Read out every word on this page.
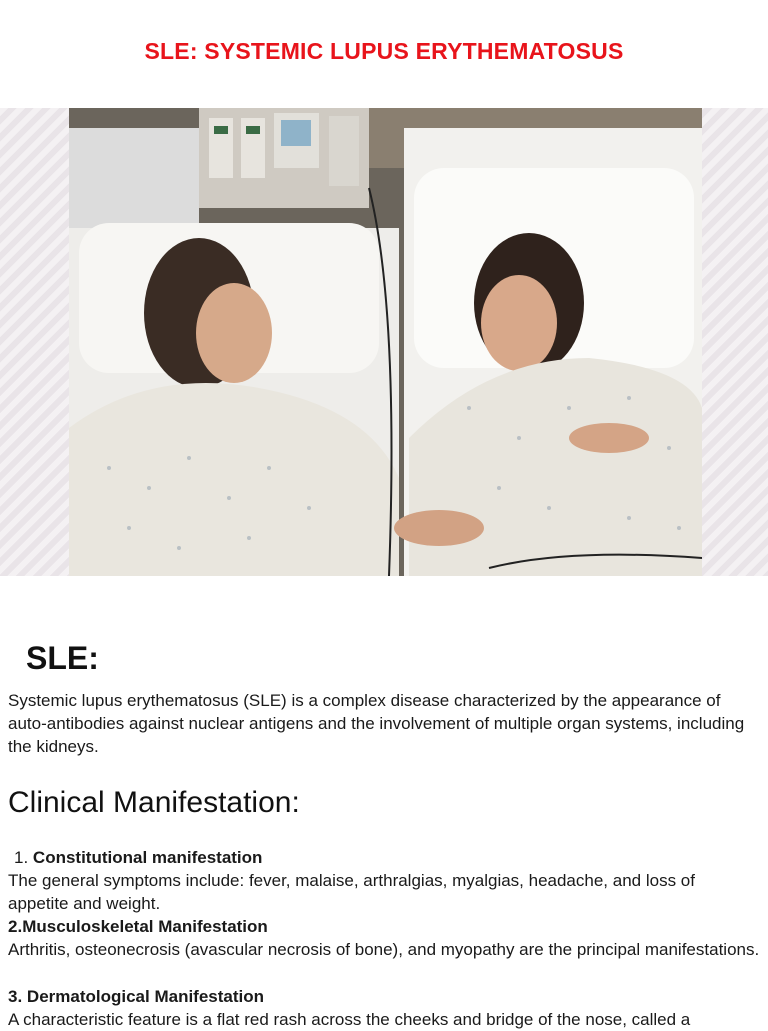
SLE: SYSTEMIC LUPUS ERYTHEMATOSUS
SLE:
Systemic lupus erythematosus (SLE) is a complex disease characterized by the appearance of auto-antibodies against nuclear antigens and the involvement of multiple organ systems, including the kidneys.
Clinical Manifestation:
1. Constitutional manifestation
The general symptoms include: fever, malaise, arthralgias, myalgias, headache, and loss of appetite and weight.
2.Musculoskeletal Manifestation
Arthritis, osteonecrosis (avascular necrosis of bone), and myopathy are the principal manifestations.
3. Dermatological Manifestation
A characteristic feature is a flat red rash across the cheeks and bridge of the nose, called a
